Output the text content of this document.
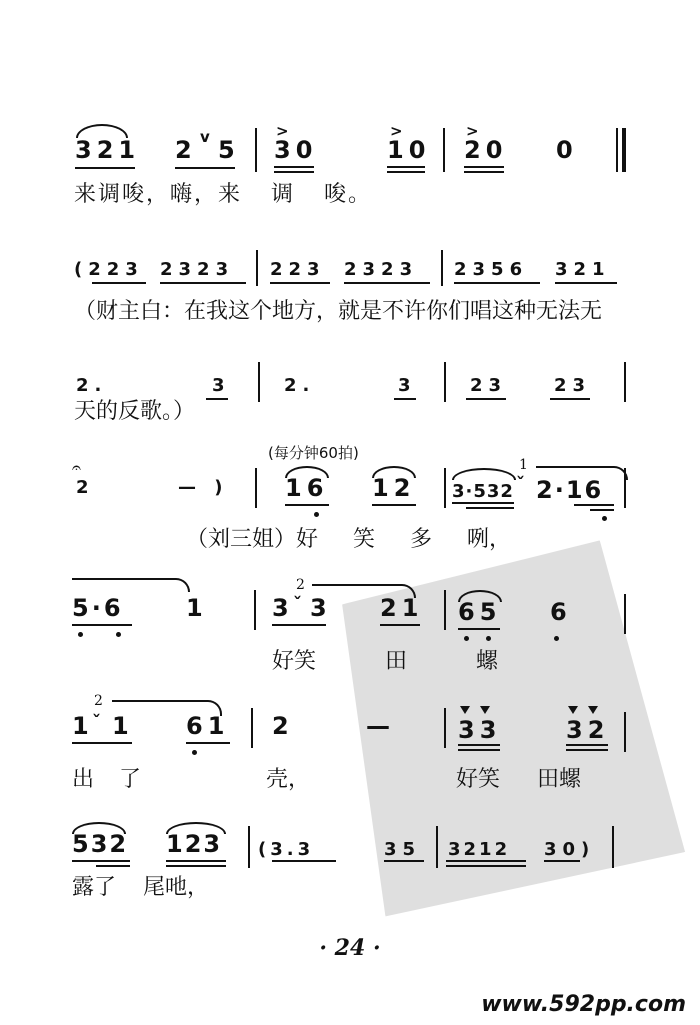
321 2 v 5
>
30
>
10
>
20 0
来调唆，嗨，来 调 唆。
(223 2323 223 2323 2356 321
（财主白：在我这个地方，就是不许你们唱这种无法无
2.	3	2.	3	23	23
天的反歌。）
(每分钟60拍)
𝄐
2	— ) 16 12 3·532
1
ˇ 2·16
（刘三姐）好 笑 多 咧，
5·6	1
2
3 ˇ 3 21 65 6
好笑 田 螺
2
1
ˇ 1 61 2	—	33	32
出 了	壳，	好笑 田螺
532 123 (3.3	35 3212 30)
露了 尾吔，
· 24 ·
www.592pp.com
